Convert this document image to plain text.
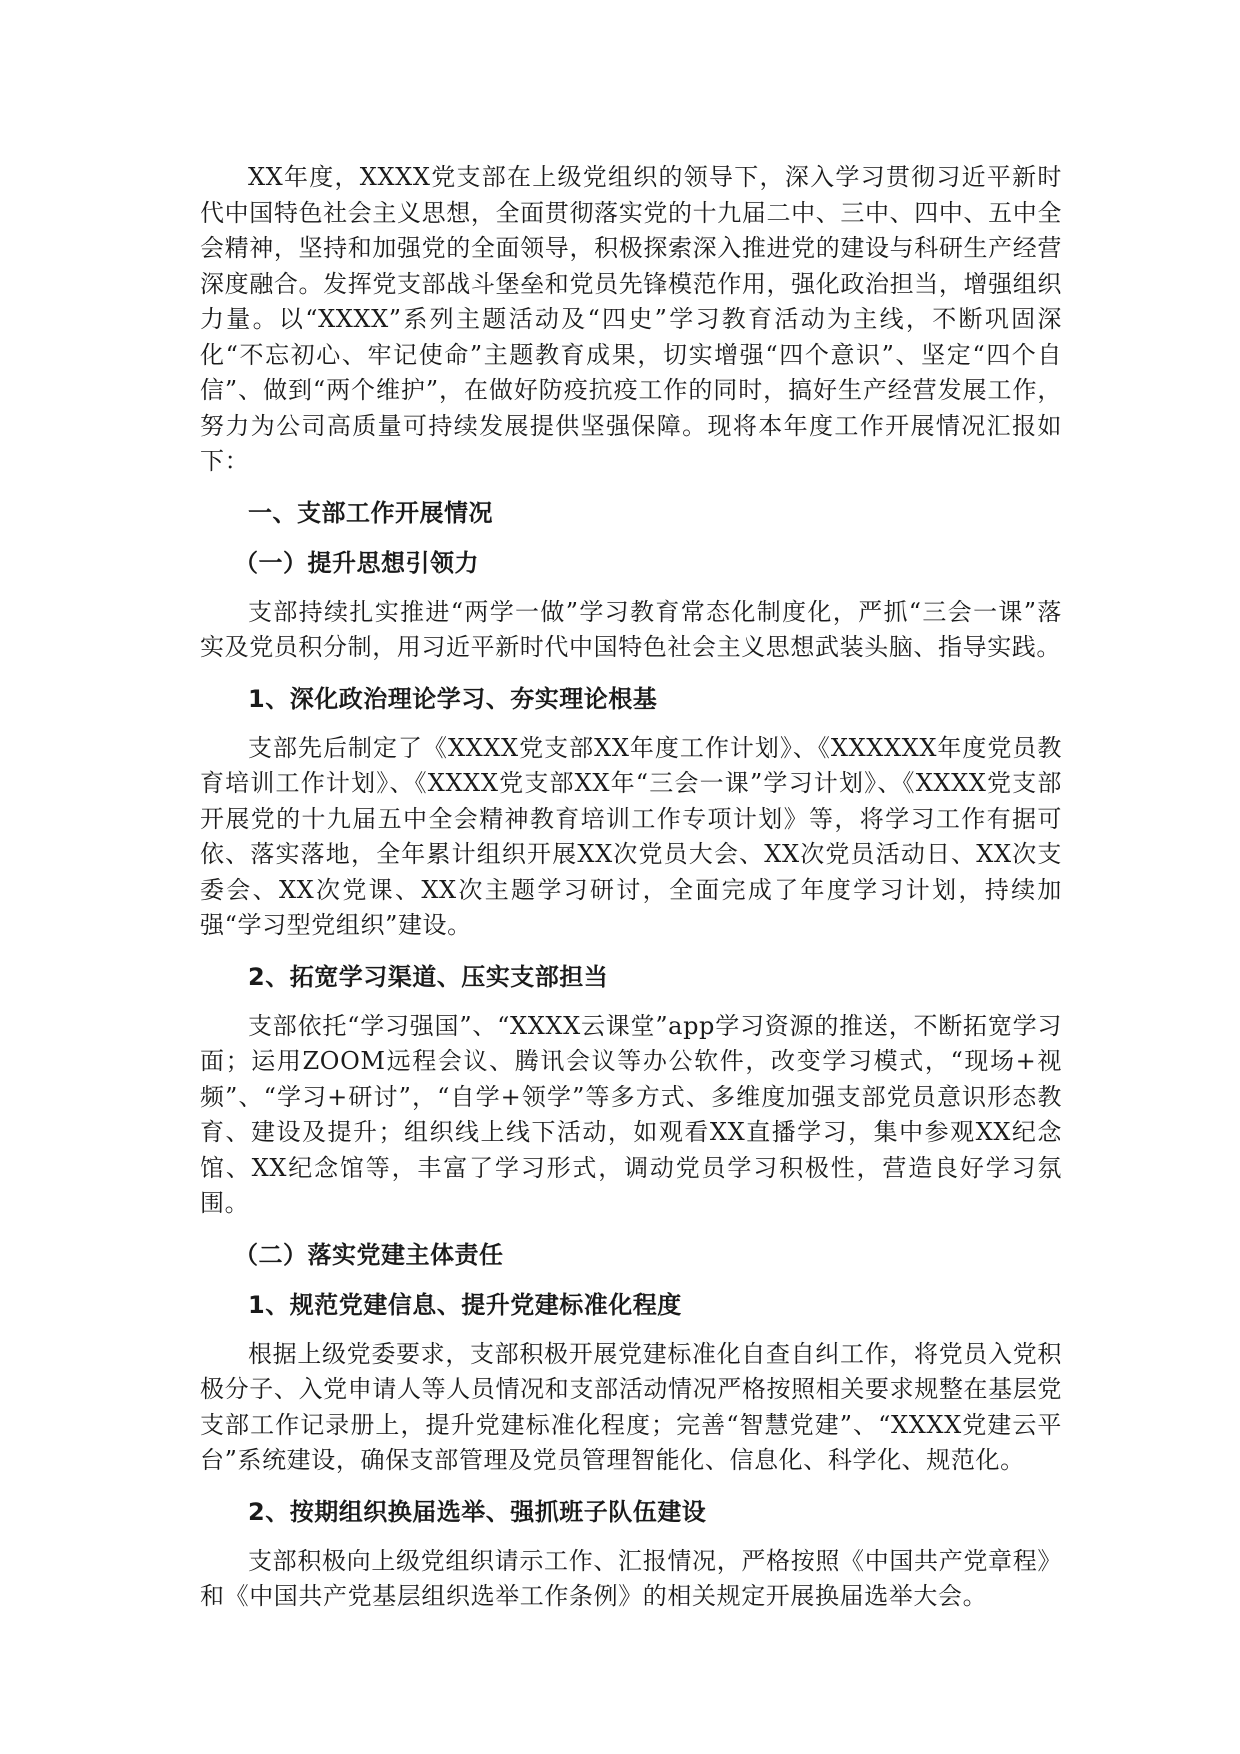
XX年度，XXXX党支部在上级党组织的领导下，深入学习贯彻习近平新时代中国特色社会主义思想，全面贯彻落实党的十九届二中、三中、四中、五中全会精神，坚持和加强党的全面领导，积极探索深入推进党的建设与科研生产经营深度融合。发挥党支部战斗堡垒和党员先锋模范作用，强化政治担当，增强组织力量。以“XXXX”系列主题活动及“四史”学习教育活动为主线，不断巩固深化“不忘初心、牢记使命”主题教育成果，切实增强“四个意识”、坚定“四个自信”、做到“两个维护”，在做好防疫抗疫工作的同时，搞好生产经营发展工作，努力为公司高质量可持续发展提供坚强保障。现将本年度工作开展情况汇报如下：

一、支部工作开展情况
（一）提升思想引领力

支部持续扎实推进“两学一做”学习教育常态化制度化，严抓“三会一课”落实及党员积分制，用习近平新时代中国特色社会主义思想武装头脑、指导实践。

1、深化政治理论学习、夯实理论根基

支部先后制定了《XXXX党支部XX年度工作计划》、《XXXXXX年度党员教育培训工作计划》、《XXXX党支部XX年“三会一课”学习计划》、《XXXX党支部开展党的十九届五中全会精神教育培训工作专项计划》等，将学习工作有据可依、落实落地，全年累计组织开展XX次党员大会、XX次党员活动日、XX次支委会、XX次党课、XX次主题学习研讨，全面完成了年度学习计划，持续加强“学习型党组织”建设。

2、拓宽学习渠道、压实支部担当

支部依托“学习强国”、“XXXX云课堂”app学习资源的推送，不断拓宽学习面；运用ZOOM远程会议、腾讯会议等办公软件，改变学习模式，“现场+视频”、“学习+研讨”，“自学+领学”等多方式、多维度加强支部党员意识形态教育、建设及提升；组织线上线下活动，如观看XX直播学习，集中参观XX纪念馆、XX纪念馆等，丰富了学习形式，调动党员学习积极性，营造良好学习氛围。

（二）落实党建主体责任
1、规范党建信息、提升党建标准化程度

根据上级党委要求，支部积极开展党建标准化自查自纠工作，将党员入党积极分子、入党申请人等人员情况和支部活动情况严格按照相关要求规整在基层党支部工作记录册上，提升党建标准化程度；完善“智慧党建”、“XXXX党建云平台”系统建设，确保支部管理及党员管理智能化、信息化、科学化、规范化。

2、按期组织换届选举、强抓班子队伍建设

支部积极向上级党组织请示工作、汇报情况，严格按照《中国共产党章程》和《中国共产党基层组织选举工作条例》的相关规定开展换届选举大会。
